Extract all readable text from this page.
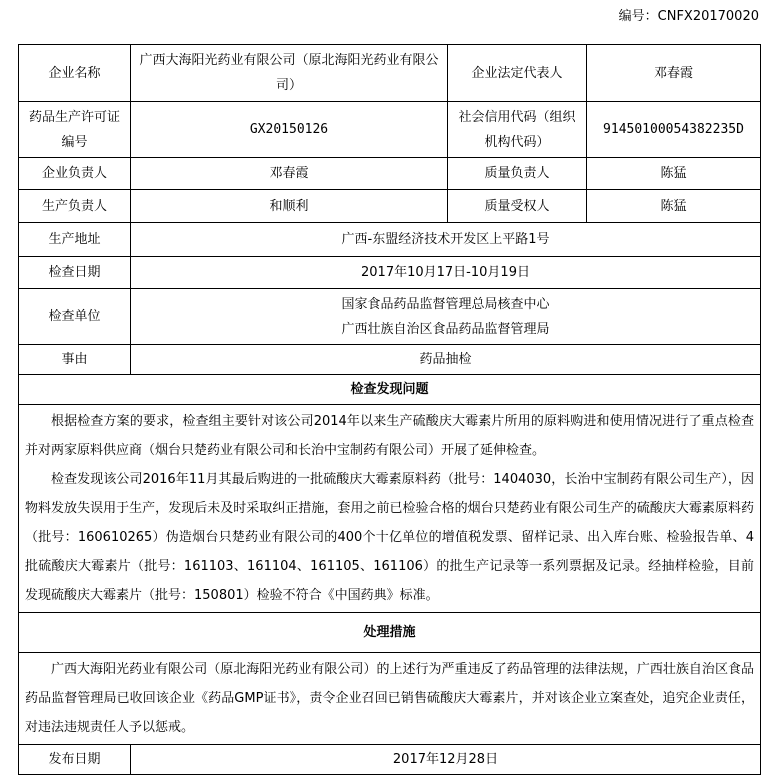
编号：CNFX20170020
企业名称	广西大海阳光药业有限公司（原北海阳光药业有限公司）	企业法定代表人	邓春霞
药品生产许可证编号	GX20150126	社会信用代码（组织机构代码）	91450100054382235D
企业负责人	邓春霞	质量负责人	陈猛
生产负责人	和顺利	质量受权人	陈猛
生产地址	广西-东盟经济技术开发区上平路1号		
检查日期	2017年10月17日-10月19日		
检查单位	国家食品药品监督管理总局核查中心
广西壮族自治区食品药品监督管理局		

事由	药品抽检		
检查发现问题			

根据检查方案的要求，检查组主要针对该公司2014年以来生产硫酸庆大霉素片所用的原料购进和使用情况进行了重点检查并对两家原料供应商（烟台只楚药业有限公司和长治中宝制药有限公司）开展了延伸检查。

检查发现该公司2016年11月其最后购进的一批硫酸庆大霉素原料药（批号：1404030，长治中宝制药有限公司生产），因物料发放失误用于生产，发现后未及时采取纠正措施，套用之前已检验合格的烟台只楚药业有限公司生产的硫酸庆大霉素原料药（批号：160610265）伪造烟台只楚药业有限公司的400个十亿单位的增值税发票、留样记录、出入库台账、检验报告单、4批硫酸庆大霉素片（批号：161103、161104、161105、161106）的批生产记录等一系列票据及记录。经抽样检验，目前发现硫酸庆大霉素片（批号：150801）检验不符合《中国药典》标准。			

处理措施			

广西大海阳光药业有限公司（原北海阳光药业有限公司）的上述行为严重违反了药品管理的法律法规，广西壮族自治区食品药品监督管理局已收回该企业《药品GMP证书》，责令企业召回已销售硫酸庆大霉素片，并对该企业立案查处，追究企业责任，对违法违规责任人予以惩戒。			

发布日期	2017年12月28日		
